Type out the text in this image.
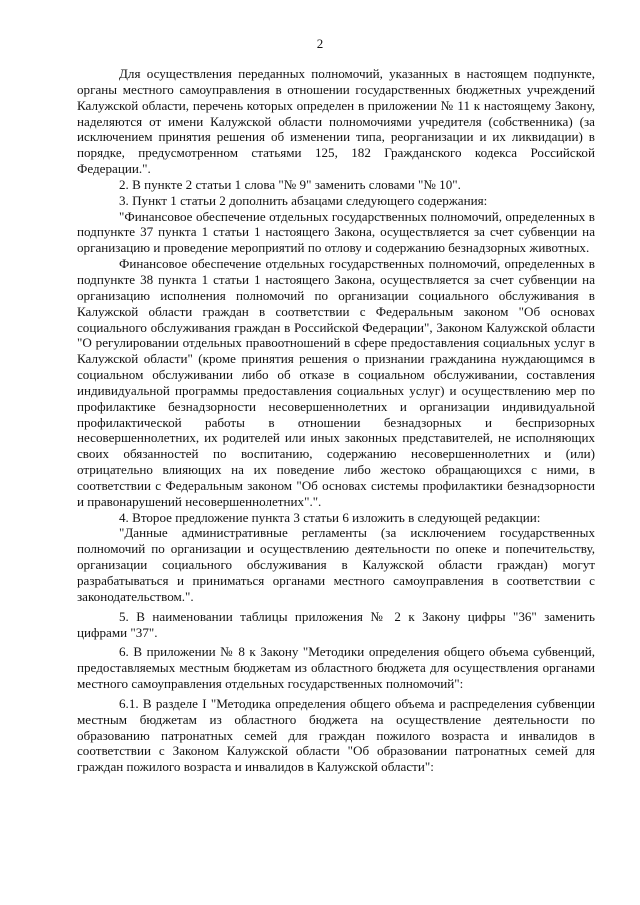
2

Для осуществления переданных полномочий, указанных в настоящем подпункте, органы местного самоуправления в отношении государственных бюджетных учреждений Калужской области, перечень которых определен в приложении № 11 к настоящему Закону, наделяются от имени Калужской области полномочиями учредителя (собственника) (за исключением принятия решения об изменении типа, реорганизации и их ликвидации) в порядке, предусмотренном статьями 125, 182 Гражданского кодекса Российской Федерации.".

2. В пункте 2 статьи 1 слова "№ 9" заменить словами "№ 10".

3. Пункт 1 статьи 2 дополнить абзацами следующего содержания:

"Финансовое обеспечение отдельных государственных полномочий, определенных в подпункте 37 пункта 1 статьи 1 настоящего Закона, осуществляется за счет субвенции на организацию и проведение мероприятий по отлову и содержанию безнадзорных животных.

Финансовое обеспечение отдельных государственных полномочий, определенных в подпункте 38 пункта 1 статьи 1 настоящего Закона, осуществляется за счет субвенции на организацию исполнения полномочий по организации социального обслуживания в Калужской области граждан в соответствии с Федеральным законом "Об основах социального обслуживания граждан в Российской Федерации", Законом Калужской области "О регулировании отдельных правоотношений в сфере предоставления социальных услуг в Калужской области" (кроме принятия решения о признании гражданина нуждающимся в социальном обслуживании либо об отказе в социальном обслуживании, составления индивидуальной программы предоставления социальных услуг) и осуществлению мер по профилактике безнадзорности несовершеннолетних и организации индивидуальной профилактической работы в отношении безнадзорных и беспризорных несовершеннолетних, их родителей или иных законных представителей, не исполняющих своих обязанностей по воспитанию, содержанию несовершеннолетних и (или) отрицательно влияющих на их поведение либо жестоко обращающихся с ними, в соответствии с Федеральным законом "Об основах системы профилактики безнадзорности и правонарушений несовершеннолетних".".

4. Второе предложение пункта 3 статьи 6 изложить в следующей редакции:

"Данные административные регламенты (за исключением государственных полномочий по организации и осуществлению деятельности по опеке и попечительству, организации социального обслуживания в Калужской области граждан) могут разрабатываться и приниматься органами местного самоуправления в соответствии с законодательством.".

5. В наименовании таблицы приложения № 2 к Закону цифры "36" заменить цифрами "37".

6. В приложении № 8 к Закону "Методики определения общего объема субвенций, предоставляемых местным бюджетам из областного бюджета для осуществления органами местного самоуправления отдельных государственных полномочий":

6.1. В разделе I "Методика определения общего объема и распределения субвенции местным бюджетам из областного бюджета на осуществление деятельности по образованию патронатных семей для граждан пожилого возраста и инвалидов в соответствии с Законом Калужской области "Об образовании патронатных семей для граждан пожилого возраста и инвалидов в Калужской области":
